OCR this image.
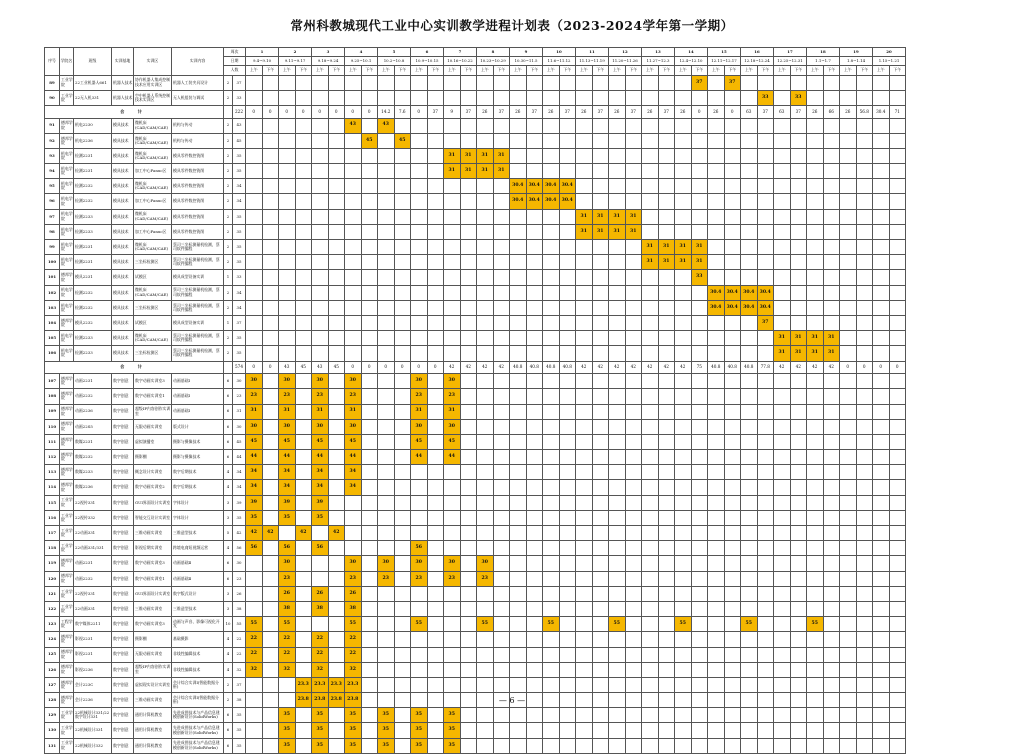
常州科教城现代工业中心实训教学进程计划表（2023-2024学年第一学期）
序号	学院名	班级	实训基地	实训区	实训内容	周次		1		2		3		4		5		6		7		8		9		10		11		12		13		14		15		16		17		18		19		20	
						日期		9.4~9.10		9.11~9.17		9.18~9.24		9.25~10.1		10.2~10.8		10.9~10.15		10.16~10.22		10.23~10.29		10.30~11.5		11.6~11.12		11.13~11.19		11.20~11.26		11.27~12.3		12.4~12.10		12.11~12.17		12.18~12.24		12.25~12.31		1.1~1.7		1.8~1.14		1.15~1.21	
						人数		上午	下午	上午	下午	上午	下午	上午	下午	上午	下午	上午	下午	上午	下午	上午	下午	上午	下午	上午	下午	上午	下午	上午	下午	上午	下午	上午	下午	上午	下午	上午	下午	上午	下午	上午	下午	上午	下午	上午	下午
89	工业学院	22工业机器人661	机器人技术	协作机器人集成控制技术应用实训区	机器人工装夹具设计	2	37																												37		37										

90	工业学院	22无人机331	机器人技术	空中机器人系统控制技术实训区	无人机组装与调试	2	33																																33		33						

合 计							222	0	0	0	0	0	0	0	0	14.2	7.6	0	37	9	37	26	37	26	37	26	37	26	37	26	37	26	37	26	0	26	0	63	37	63	37	26	66	26	56.8	30.4	71
91	德邦学院	机电2230	模具技术	微机床(CAD/CAM/CAE)	机构与传动	2	43							43		43																															

92	德邦学院	机电2236	模具技术	微机床(CAD/CAM/CAE)	机构与传动	2	45								45		45																														

93	机电学院	检测2231	模具技术	微机床(CAD/CAM/CAE)	模具零件数控铣削	2	35													31	31	31	31																								

94	机电学院	检测2231	模具技术	加工中心Fanuc区	模具零件数控铣削	2	35													31	31	31	31																								

95	机电学院	检测2232	模具技术	微机床(CAD/CAM/CAE)	模具零件数控铣削	2	34																	30.4	30.4	30.4	30.4																				

96	机电学院	检测2232	模具技术	加工中心Fanuc区	模具零件数控铣削	2	34																	30.4	30.4	30.4	30.4																				

97	机电学院	检测2233	模具技术	微机床(CAD/CAM/CAE)	模具零件数控铣削	2	35																					31	31	31	31																

98	机电学院	检测2233	模具技术	加工中心Fanuc区	模具零件数控铣削	2	35																					31	31	31	31																

99	机电学院	检测2231	模具技术	微机床(CAD/CAM/CAE)	蔡司三坐标测量机检测，蔡司软件编程	2	35																									31	31	31	31												

100	机电学院	检测2231	模具技术	三坐标检测区	蔡司三坐标测量机检测，蔡司软件编程	2	35																									31	31	31	31												

101	德邦学院	模具2231	模具技术	试模区	模具成型设备实训	1	33																												33												

102	机电学院	检测2232	模具技术	微机床(CAD/CAM/CAE)	蔡司三坐标测量机检测，蔡司软件编程	2	34																													30.4	30.4	30.4	30.4								

103	机电学院	检测2232	模具技术	三坐标检测区	蔡司三坐标测量机检测，蔡司软件编程	2	34																													30.4	30.4	30.4	30.4								

104	德邦学院	模具2232	模具技术	试模区	模具成型设备实训	1	37																																37								

105	机电学院	检测2233	模具技术	微机床(CAD/CAM/CAE)	蔡司三坐标测量机检测，蔡司软件编程	2	35																																	31	31	31	31				

106	机电学院	检测2233	模具技术	三坐标检测区	蔡司三坐标测量机检测，蔡司软件编程	2	35																																	31	31	31	31				

合 计							574	0	0	43	45	43	45	0	0	0	0	0	0	42	42	42	42	40.8	40.8	40.8	40.8	42	42	42	42	42	42	42	75	40.8	40.8	40.8	77.8	42	42	42	42	0	0	0	0
107	德邦学院	动画2231	数字创意	数字动画实训室3	动画基础Ⅰ	6	30	30		30		30		30				30		30																											

108	德邦学院	动画2232	数字创意	数字动画实训室1	动画基础Ⅰ	6	23	23		23		23		23				23		23																											

109	德邦学院	动画2236	数字创意	超级IP内容创作实训室	动画基础Ⅰ	6	31	31		31		31		31				31		31																											

110	德邦学院	动画22S5	数字创意	无限动画实训室	版式设计	6	30	30		30		30		30				30		30																											

111	德邦学院	数媒2231	数字创意	虚拟演播室	摄影与摄像技术	6	45	45		45		45		45				45		45																											

112	德邦学院	数媒2232	数字创意	摄影棚	摄影与摄像技术	6	44	44		44		44		44				44		44																											

113	德邦学院	数媒2233	数字创意	概念设计实训室	数字后期技术	4	34	34		34		34		34																																	

114	德邦学院	数媒2236	数字创意	数字动画实训室2	数字后期技术	4	34	34		34		34		34																																	

115	工业学院	22视传331	数字创意	GUI界面设计实训室	字体设计	3	39	39		39		39																																			

116	工业学院	22视传332	数字创意	智能交互设计实训室	字体设计	3	35	35		35		35																																			

117	工业学院	22动画331	数字创意	三维动画实训室	三维造型技术	5	42	42	42		42		42																																		

118	工业学院	22动画331/331	数字创意	影视后期实训室	跨境电商短视频运营	4	56	56		56		56						56																													

119	德邦学院	动画2231	数字创意	数字动画实训室3	动画基础Ⅱ	6	30			30				30		30		30		30		30																									

120	德邦学院	动画2232	数字创意	数字动画实训室1	动画基础Ⅱ	6	23			23				23		23		23		23		23																									

121	工业学院	22视传331	数字创意	GUI界面设计实训室	数字版式设计	3	26			26		26		26																																	

122	工业学院	22动画331	数字创意	三维动画实训室	三维造型技术	3	38			38		38		38																																	

123	工程学院	数字媒体2211	数字创意	数字动画实训室3	动画与声音、影像可视化开发	10	55	55		55				55				55				55				55				55				55				55				55					

124	德邦学院	影视2231	数字创意	摄影棚	基础摄影	4	22	22		22		22		22																																	

125	德邦学院	影视2231	数字创意	无限动画实训室	非线性编辑技术	4	22	22		22		22		22																																	

126	德邦学院	影视2236	数字创意	超级IP内容创作实训室	非线性编辑技术	4	32	32		32		32		32																																	

127	德邦学院	会计223C	数字创意	虚拟现实设计实训室	会计综合实训Ⅰ(智能数据分析)	2	37				23.3	23.3	23.3	23.3																																	

128	德邦学院	会计2236	数字创意	三维动画实训室	会计综合实训Ⅰ(智能数据分析)	2	38				23.8	23.8	23.8	23.8																																	

129	工业学院	22机械设计331/22数字设计331	数字创意	通用计算机教室	先进成图技术与产品信息建模创新设计(SolidWorks)	6	35			35		35		35		35		35		35																											

130	工业学院	22机械设计331	数字创意	通用计算机教室	先进成图技术与产品信息建模创新设计(SolidWorks)	6	35			35		35		35		35		35		35																											

131	工业学院	22机械设计332	数字创意	通用计算机教室	先进成图技术与产品信息建模创新设计(SolidWorks)	6	35			35		35		35		35		35		35																											

— 6 —
